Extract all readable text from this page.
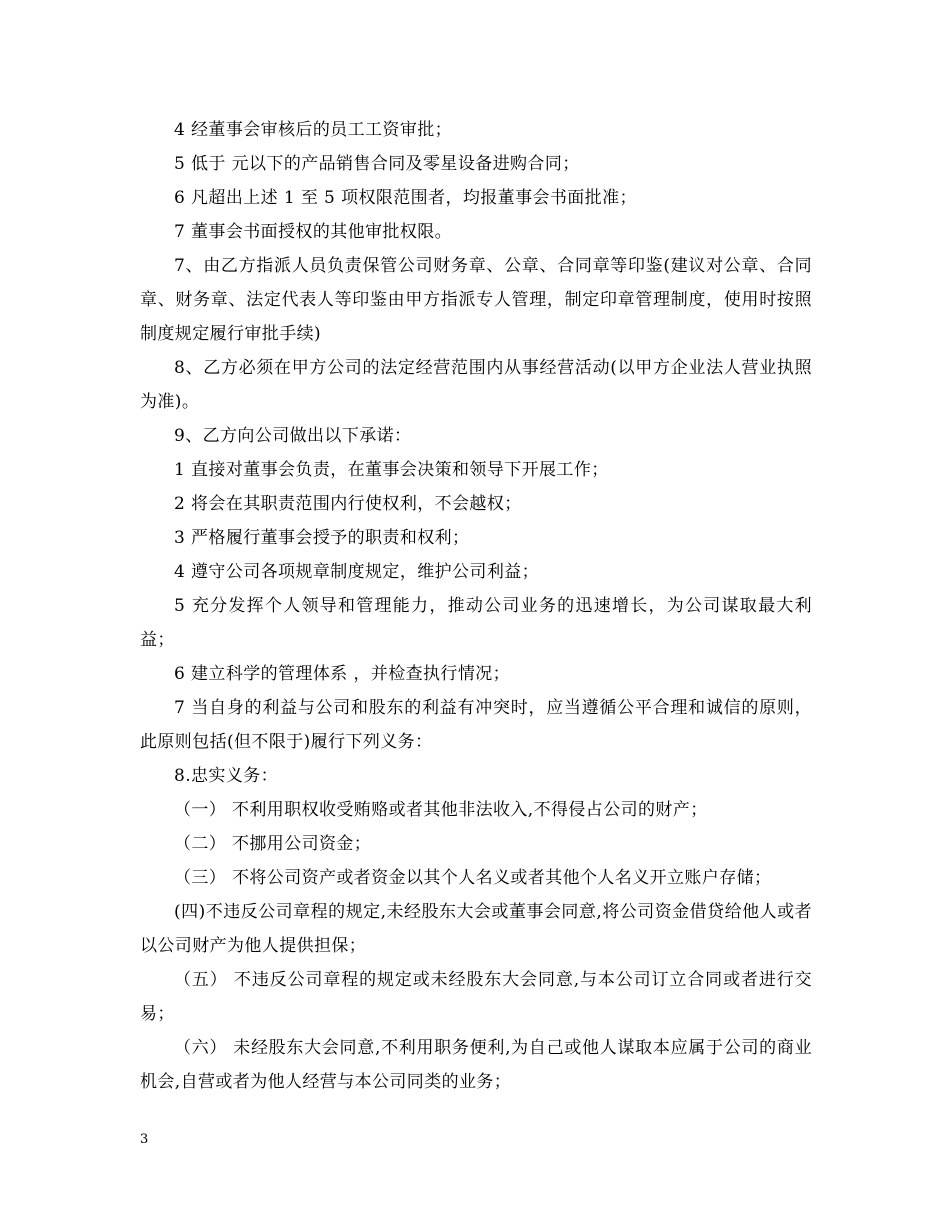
4 经董事会审核后的员工工资审批；

5 低于 元以下的产品销售合同及零星设备进购合同；

6 凡超出上述 1 至 5 项权限范围者，均报董事会书面批准；

7 董事会书面授权的其他审批权限。

7、由乙方指派人员负责保管公司财务章、公章、合同章等印鉴(建议对公章、合同章、财务章、法定代表人等印鉴由甲方指派专人管理，制定印章管理制度，使用时按照制度规定履行审批手续)

8、乙方必须在甲方公司的法定经营范围内从事经营活动(以甲方企业法人营业执照为准)。

9、乙方向公司做出以下承诺：

1 直接对董事会负责，在董事会决策和领导下开展工作；

2 将会在其职责范围内行使权利，不会越权；

3 严格履行董事会授予的职责和权利；

4 遵守公司各项规章制度规定，维护公司利益；

5 充分发挥个人领导和管理能力，推动公司业务的迅速增长，为公司谋取最大利益；

6 建立科学的管理体系 ，并检查执行情况；

7 当自身的利益与公司和股东的利益有冲突时，应当遵循公平合理和诚信的原则，此原则包括(但不限于)履行下列义务：

8.忠实义务：

（一） 不利用职权收受贿赂或者其他非法收入,不得侵占公司的财产；

（二） 不挪用公司资金；

（三） 不将公司资产或者资金以其个人名义或者其他个人名义开立账户存储；

(四)不违反公司章程的规定,未经股东大会或董事会同意,将公司资金借贷给他人或者以公司财产为他人提供担保；

（五） 不违反公司章程的规定或未经股东大会同意,与本公司订立合同或者进行交易；

（六） 未经股东大会同意,不利用职务便利,为自己或他人谋取本应属于公司的商业机会,自营或者为他人经营与本公司同类的业务；

3
